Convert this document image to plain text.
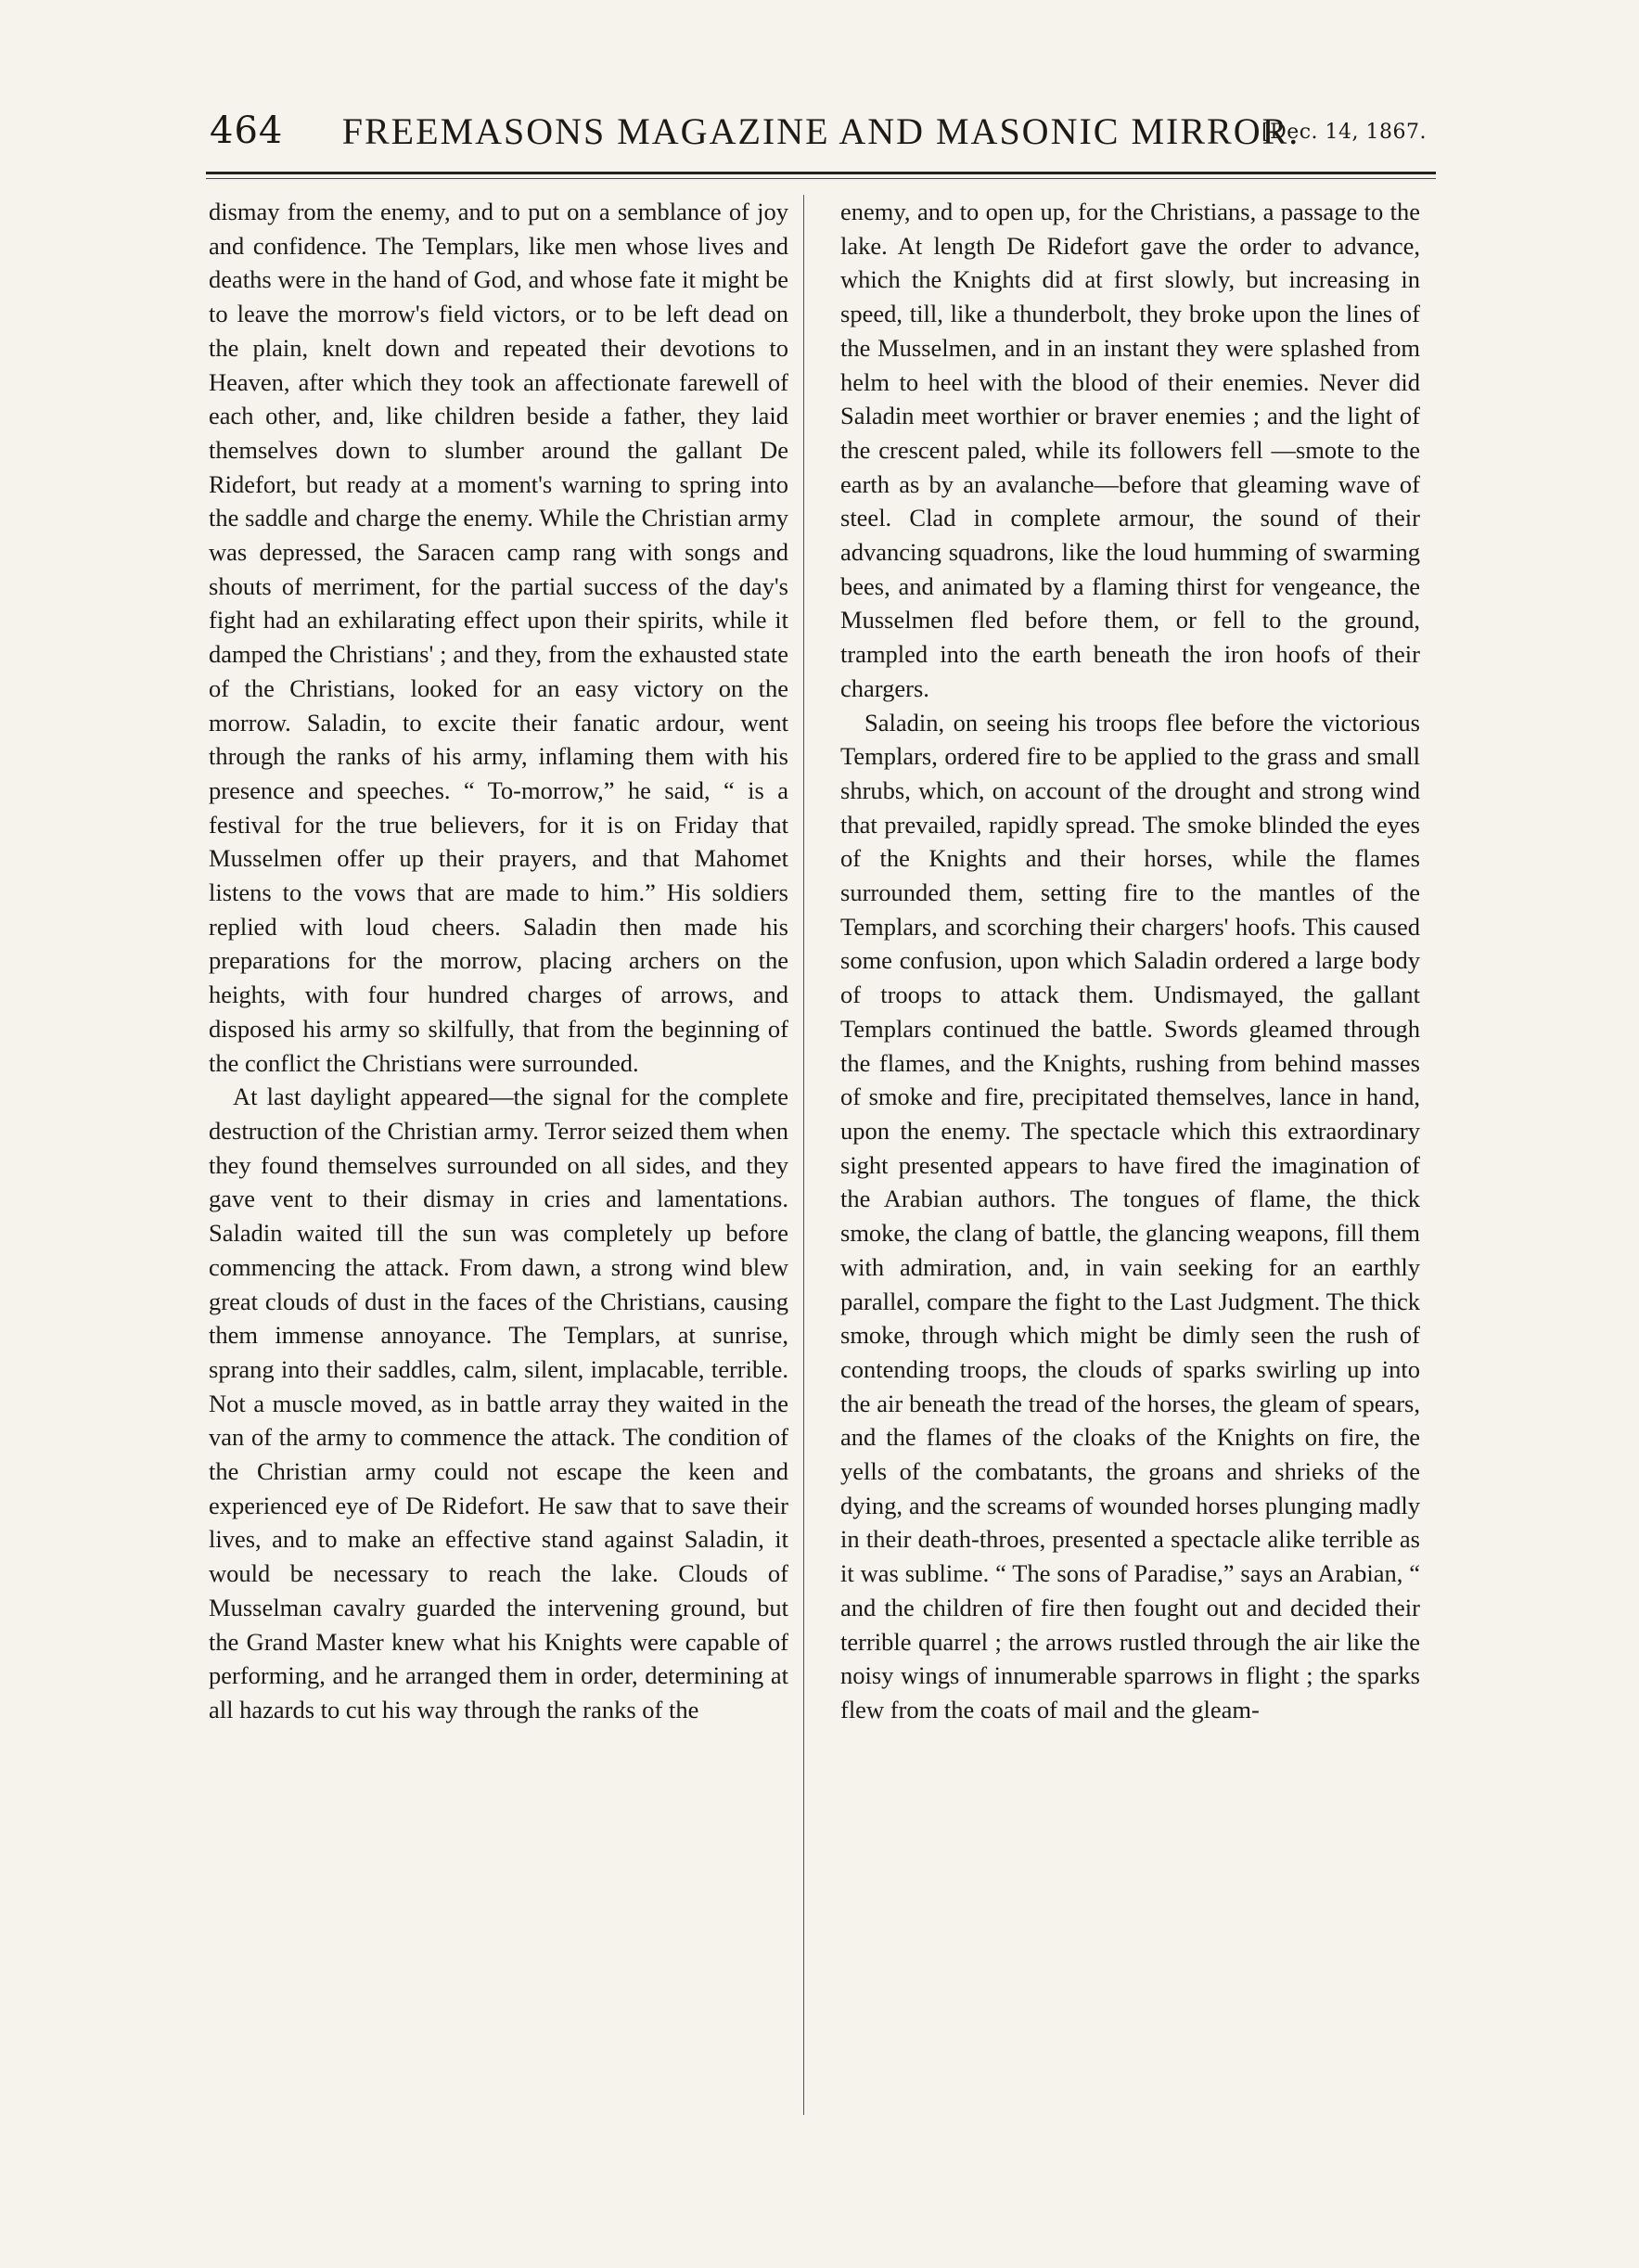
464	FREEMASONS MAGAZINE AND MASONIC MIRROR.
[Dec. 14, 1867.

dismay from the enemy, and to put on a semblance of joy and confidence. The Templars, like men whose lives and deaths were in the hand of God, and whose fate it might be to leave the morrow's field victors, or to be left dead on the plain, knelt down and repeated their devotions to Heaven, after which they took an affectionate farewell of each other, and, like children beside a father, they laid themselves down to slumber around the gallant De Ridefort, but ready at a moment's warning to spring into the saddle and charge the enemy. While the Christian army was depressed, the Saracen camp rang with songs and shouts of merriment, for the partial success of the day's fight had an exhilarating effect upon their spirits, while it damped the Christians' ; and they, from the exhausted state of the Christians, looked for an easy victory on the morrow. Saladin, to excite their fanatic ardour, went through the ranks of his army, inflaming them with his presence and speeches. “ To-morrow,” he said, “ is a festival for the true believers, for it is on Friday that Musselmen offer up their prayers, and that Mahomet listens to the vows that are made to him.” His soldiers replied with loud cheers. Saladin then made his preparations for the morrow, placing archers on the heights, with four hundred charges of arrows, and disposed his army so skilfully, that from the beginning of the conflict the Christians were surrounded.

At last daylight appeared—the signal for the complete destruction of the Christian army. Terror seized them when they found themselves surrounded on all sides, and they gave vent to their dismay in cries and lamentations. Saladin waited till the sun was completely up before commencing the attack. From dawn, a strong wind blew great clouds of dust in the faces of the Christians, causing them immense annoyance. The Templars, at sunrise, sprang into their saddles, calm, silent, implacable, terrible. Not a muscle moved, as in battle array they waited in the van of the army to commence the attack. The condition of the Christian army could not escape the keen and experienced eye of De Ridefort. He saw that to save their lives, and to make an effective stand against Saladin, it would be necessary to reach the lake. Clouds of Musselman cavalry guarded the intervening ground, but the Grand Master knew what his Knights were capable of performing, and he arranged them in order, determining at all hazards to cut his way through the ranks of the

enemy, and to open up, for the Christians, a passage to the lake. At length De Ridefort gave the order to advance, which the Knights did at first slowly, but increasing in speed, till, like a thunderbolt, they broke upon the lines of the Musselmen, and in an instant they were splashed from helm to heel with the blood of their enemies. Never did Saladin meet worthier or braver enemies ; and the light of the crescent paled, while its followers fell —smote to the earth as by an avalanche—before that gleaming wave of steel. Clad in complete armour, the sound of their advancing squadrons, like the loud humming of swarming bees, and animated by a flaming thirst for vengeance, the Musselmen fled before them, or fell to the ground, trampled into the earth beneath the iron hoofs of their chargers.

Saladin, on seeing his troops flee before the victorious Templars, ordered fire to be applied to the grass and small shrubs, which, on account of the drought and strong wind that prevailed, rapidly spread. The smoke blinded the eyes of the Knights and their horses, while the flames surrounded them, setting fire to the mantles of the Templars, and scorching their chargers' hoofs. This caused some confusion, upon which Saladin ordered a large body of troops to attack them. Undismayed, the gallant Templars continued the battle. Swords gleamed through the flames, and the Knights, rushing from behind masses of smoke and fire, precipitated themselves, lance in hand, upon the enemy. The spectacle which this extraordinary sight presented appears to have fired the imagination of the Arabian authors. The tongues of flame, the thick smoke, the clang of battle, the glancing weapons, fill them with admiration, and, in vain seeking for an earthly parallel, compare the fight to the Last Judgment. The thick smoke, through which might be dimly seen the rush of contending troops, the clouds of sparks swirling up into the air beneath the tread of the horses, the gleam of spears, and the flames of the cloaks of the Knights on fire, the yells of the combatants, the groans and shrieks of the dying, and the screams of wounded horses plunging madly in their death-throes, presented a spectacle alike terrible as it was sublime. “ The sons of Paradise,” says an Arabian, “ and the children of fire then fought out and decided their terrible quarrel ; the arrows rustled through the air like the noisy wings of innumerable sparrows in flight ; the sparks flew from the coats of mail and the gleam-
